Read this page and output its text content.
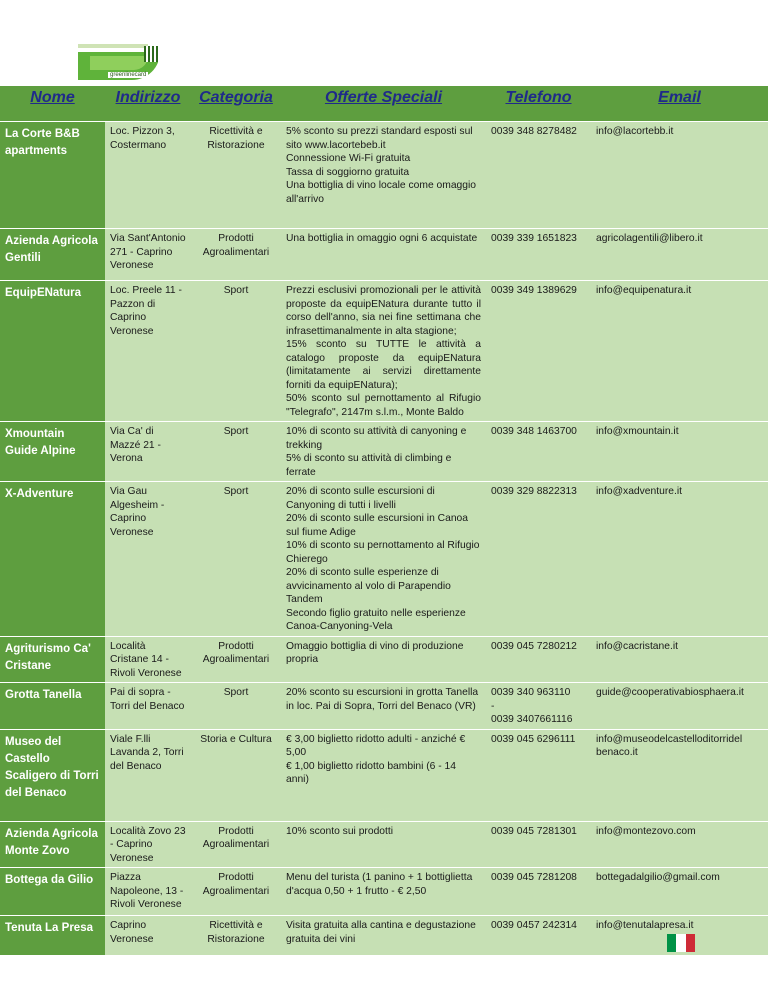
greenlinecard
Nome	Indirizzo	Categoria	Offerte Speciali	Telefono	Email
La Corte B&B apartments	Loc. Pizzon 3, Costermano	Ricettività e Ristorazione	5% sconto su prezzi standard esposti sul sito www.lacortebeb.it
Connessione Wi-Fi gratuita
Tassa di soggiorno gratuita
Una bottiglia di vino locale come omaggio all'arrivo	0039 348 8278482	info@lacortebb.it
Azienda Agricola Gentili	Via Sant'Antonio 271 - Caprino Veronese	Prodotti Agroalimentari	Una bottiglia in omaggio ogni 6 acquistate	0039 339 1651823	agricolagentili@libero.it
EquipENatura	Loc. Preele 11 - Pazzon di Caprino Veronese	Sport	Prezzi esclusivi promozionali per le attività proposte da equipENatura durante tutto il corso dell'anno, sia nei fine settimana che infrasettimanalmente in alta stagione;
15% sconto su TUTTE le attività a catalogo proposte da equipENatura (limitatamente ai servizi direttamente forniti da equipENatura);
50% sconto sul pernottamento al Rifugio "Telegrafo", 2147m s.l.m., Monte Baldo	0039 349 1389629	info@equipenatura.it
Xmountain Guide Alpine	Via Ca' di Mazzé 21 - Verona	Sport	10% di sconto su attività di canyoning e trekking
5% di sconto su attività di climbing e ferrate	0039 348 1463700	info@xmountain.it
X-Adventure	Via Gau Algesheim - Caprino Veronese	Sport	20% di sconto sulle escursioni di Canyoning di tutti i livelli
20% di sconto sulle escursioni in Canoa sul fiume Adige
10% di sconto su pernottamento al Rifugio Chierego
20% di sconto sulle esperienze di avvicinamento al volo di Parapendio Tandem
Secondo figlio gratuito nelle esperienze Canoa-Canyoning-Vela	0039 329 8822313	info@xadventure.it
Agriturismo Ca' Cristane	Località Cristane 14 - Rivoli Veronese	Prodotti Agroalimentari	Omaggio bottiglia di vino di produzione propria	0039 045 7280212	info@cacristane.it
Grotta Tanella	Pai di sopra - Torri del Benaco	Sport	20% sconto su escursioni in grotta Tanella in loc. Pai di Sopra, Torri del Benaco (VR)	0039 340 963110
-
0039 3407661116	guide@cooperativabiosphaera.it
Museo del Castello Scaligero di Torri del Benaco	Viale F.lli Lavanda 2, Torri del Benaco	Storia e Cultura	€ 3,00 biglietto ridotto adulti - anziché € 5,00
€ 1,00 biglietto ridotto bambini (6 - 14 anni)	0039 045 6296111	info@museodelcastelloditorridel benaco.it
Azienda Agricola Monte Zovo	Località Zovo 23 - Caprino Veronese	Prodotti Agroalimentari	10% sconto sui prodotti	0039 045 7281301	info@montezovo.com
Bottega da Gilio	Piazza Napoleone, 13 - Rivoli Veronese	Prodotti Agroalimentari	Menu del turista (1 panino + 1 bottiglietta d'acqua 0,50 + 1 frutto - € 2,50	0039 045 7281208	bottegadalgilio@gmail.com
Tenuta La Presa	Caprino Veronese	Ricettività e Ristorazione	Visita gratuita alla cantina e degustazione gratuita dei vini	0039 0457 242314	info@tenutalapresa.it
